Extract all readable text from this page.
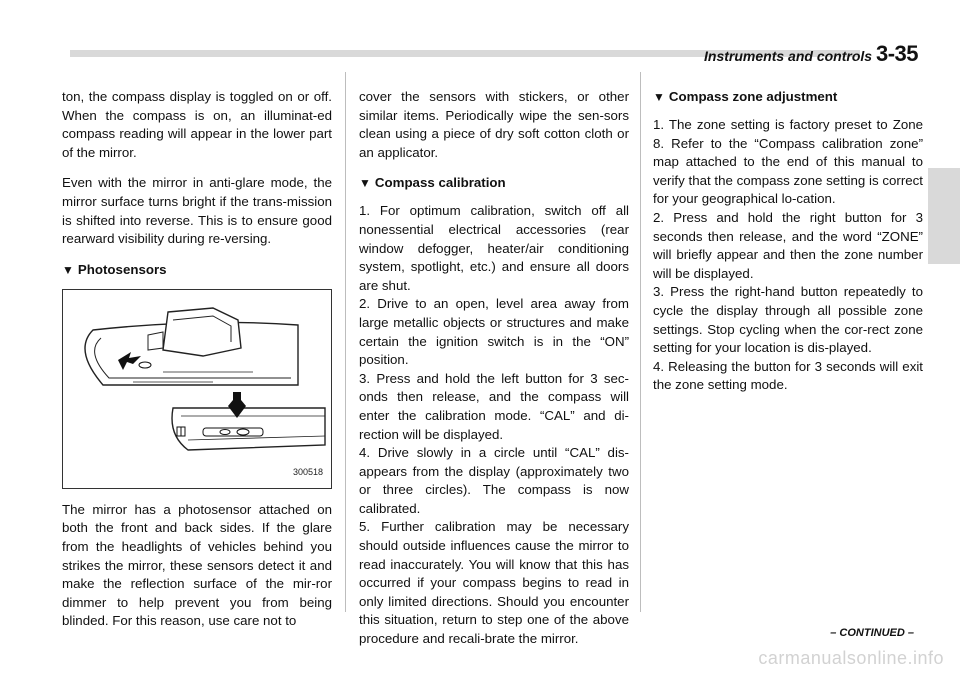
Instruments and controls 3-35

ton, the compass display is toggled on or off. When the compass is on, an illuminat-ed compass reading will appear in the lower part of the mirror.

Even with the mirror in anti-glare mode, the mirror surface turns bright if the trans-mission is shifted into reverse. This is to ensure good rearward visibility during re-versing.

▼ Photosensors
300518

The mirror has a photosensor attached on both the front and back sides. If the glare from the headlights of vehicles behind you strikes the mirror, these sensors detect it and make the reflection surface of the mir-ror dimmer to help prevent you from being blinded. For this reason, use care not to

cover the sensors with stickers, or other similar items. Periodically wipe the sen-sors clean using a piece of dry soft cotton cloth or an applicator.

▼ Compass calibration

1. For optimum calibration, switch off all nonessential electrical accessories (rear window defogger, heater/air conditioning system, spotlight, etc.) and ensure all doors are shut.

2. Drive to an open, level area away from large metallic objects or structures and make certain the ignition switch is in the “ON” position.

3. Press and hold the left button for 3 sec-onds then release, and the compass will enter the calibration mode. “CAL” and di-rection will be displayed.

4. Drive slowly in a circle until “CAL” dis-appears from the display (approximately two or three circles). The compass is now calibrated.

5. Further calibration may be necessary should outside influences cause the mirror to read inaccurately. You will know that this has occurred if your compass begins to read in only limited directions. Should you encounter this situation, return to step one of the above procedure and recali-brate the mirror.

▼ Compass zone adjustment

1. The zone setting is factory preset to Zone 8. Refer to the “Compass calibration zone” map attached to the end of this manual to verify that the compass zone setting is correct for your geographical lo-cation.

2. Press and hold the right button for 3 seconds then release, and the word “ZONE” will briefly appear and then the zone number will be displayed.

3. Press the right-hand button repeatedly to cycle the display through all possible zone settings. Stop cycling when the cor-rect zone setting for your location is dis-played.

4. Releasing the button for 3 seconds will exit the zone setting mode.

– CONTINUED –
carmanualsonline.info
